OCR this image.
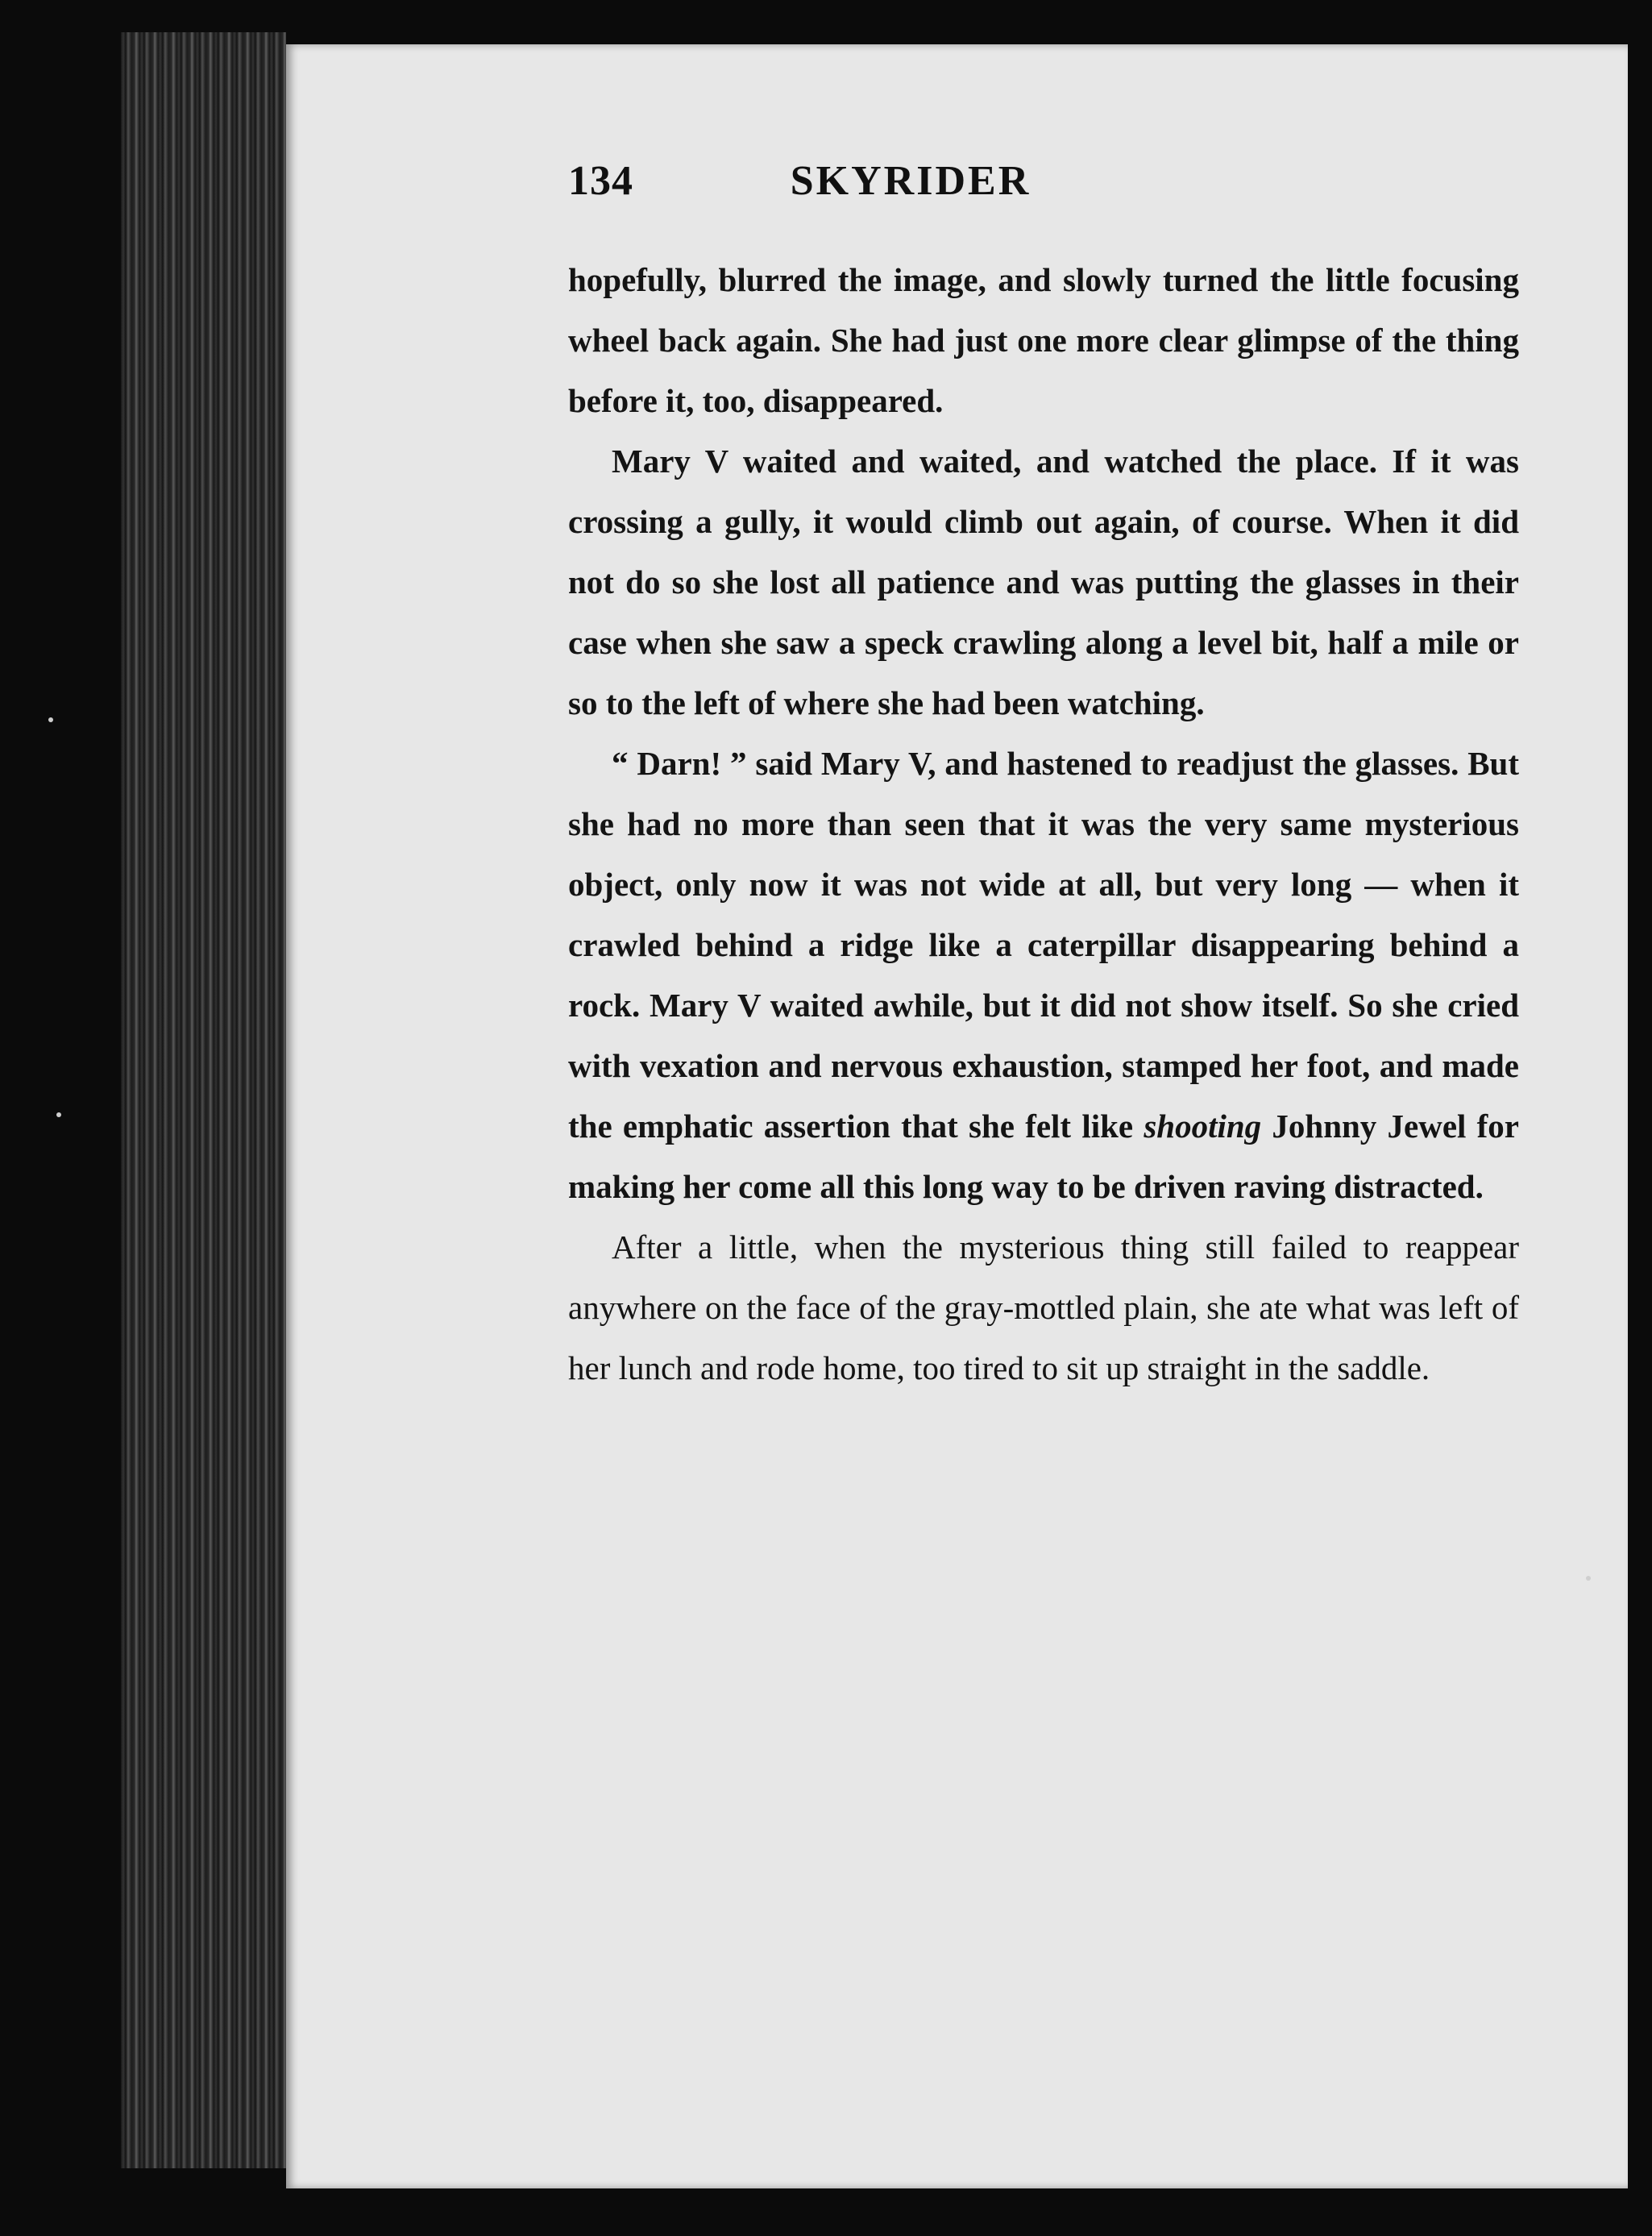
134	SKYRIDER

hopefully, blurred the image, and slowly turned the little focusing wheel back again. She had just one more clear glimpse of the thing before it, too, disappeared.

Mary V waited and waited, and watched the place. If it was crossing a gully, it would climb out again, of course. When it did not do so she lost all patience and was putting the glasses in their case when she saw a speck crawling along a level bit, half a mile or so to the left of where she had been watching.

“ Darn! ” said Mary V, and hastened to readjust the glasses. But she had no more than seen that it was the very same mysterious object, only now it was not wide at all, but very long — when it crawled behind a ridge like a caterpillar disappearing behind a rock. Mary V waited awhile, but it did not show itself. So she cried with vexation and nervous exhaustion, stamped her foot, and made the emphatic assertion that she felt like shooting Johnny Jewel for making her come all this long way to be driven raving distracted.

After a little, when the mysterious thing still failed to reappear anywhere on the face of the gray-mottled plain, she ate what was left of her lunch and rode home, too tired to sit up straight in the saddle.
